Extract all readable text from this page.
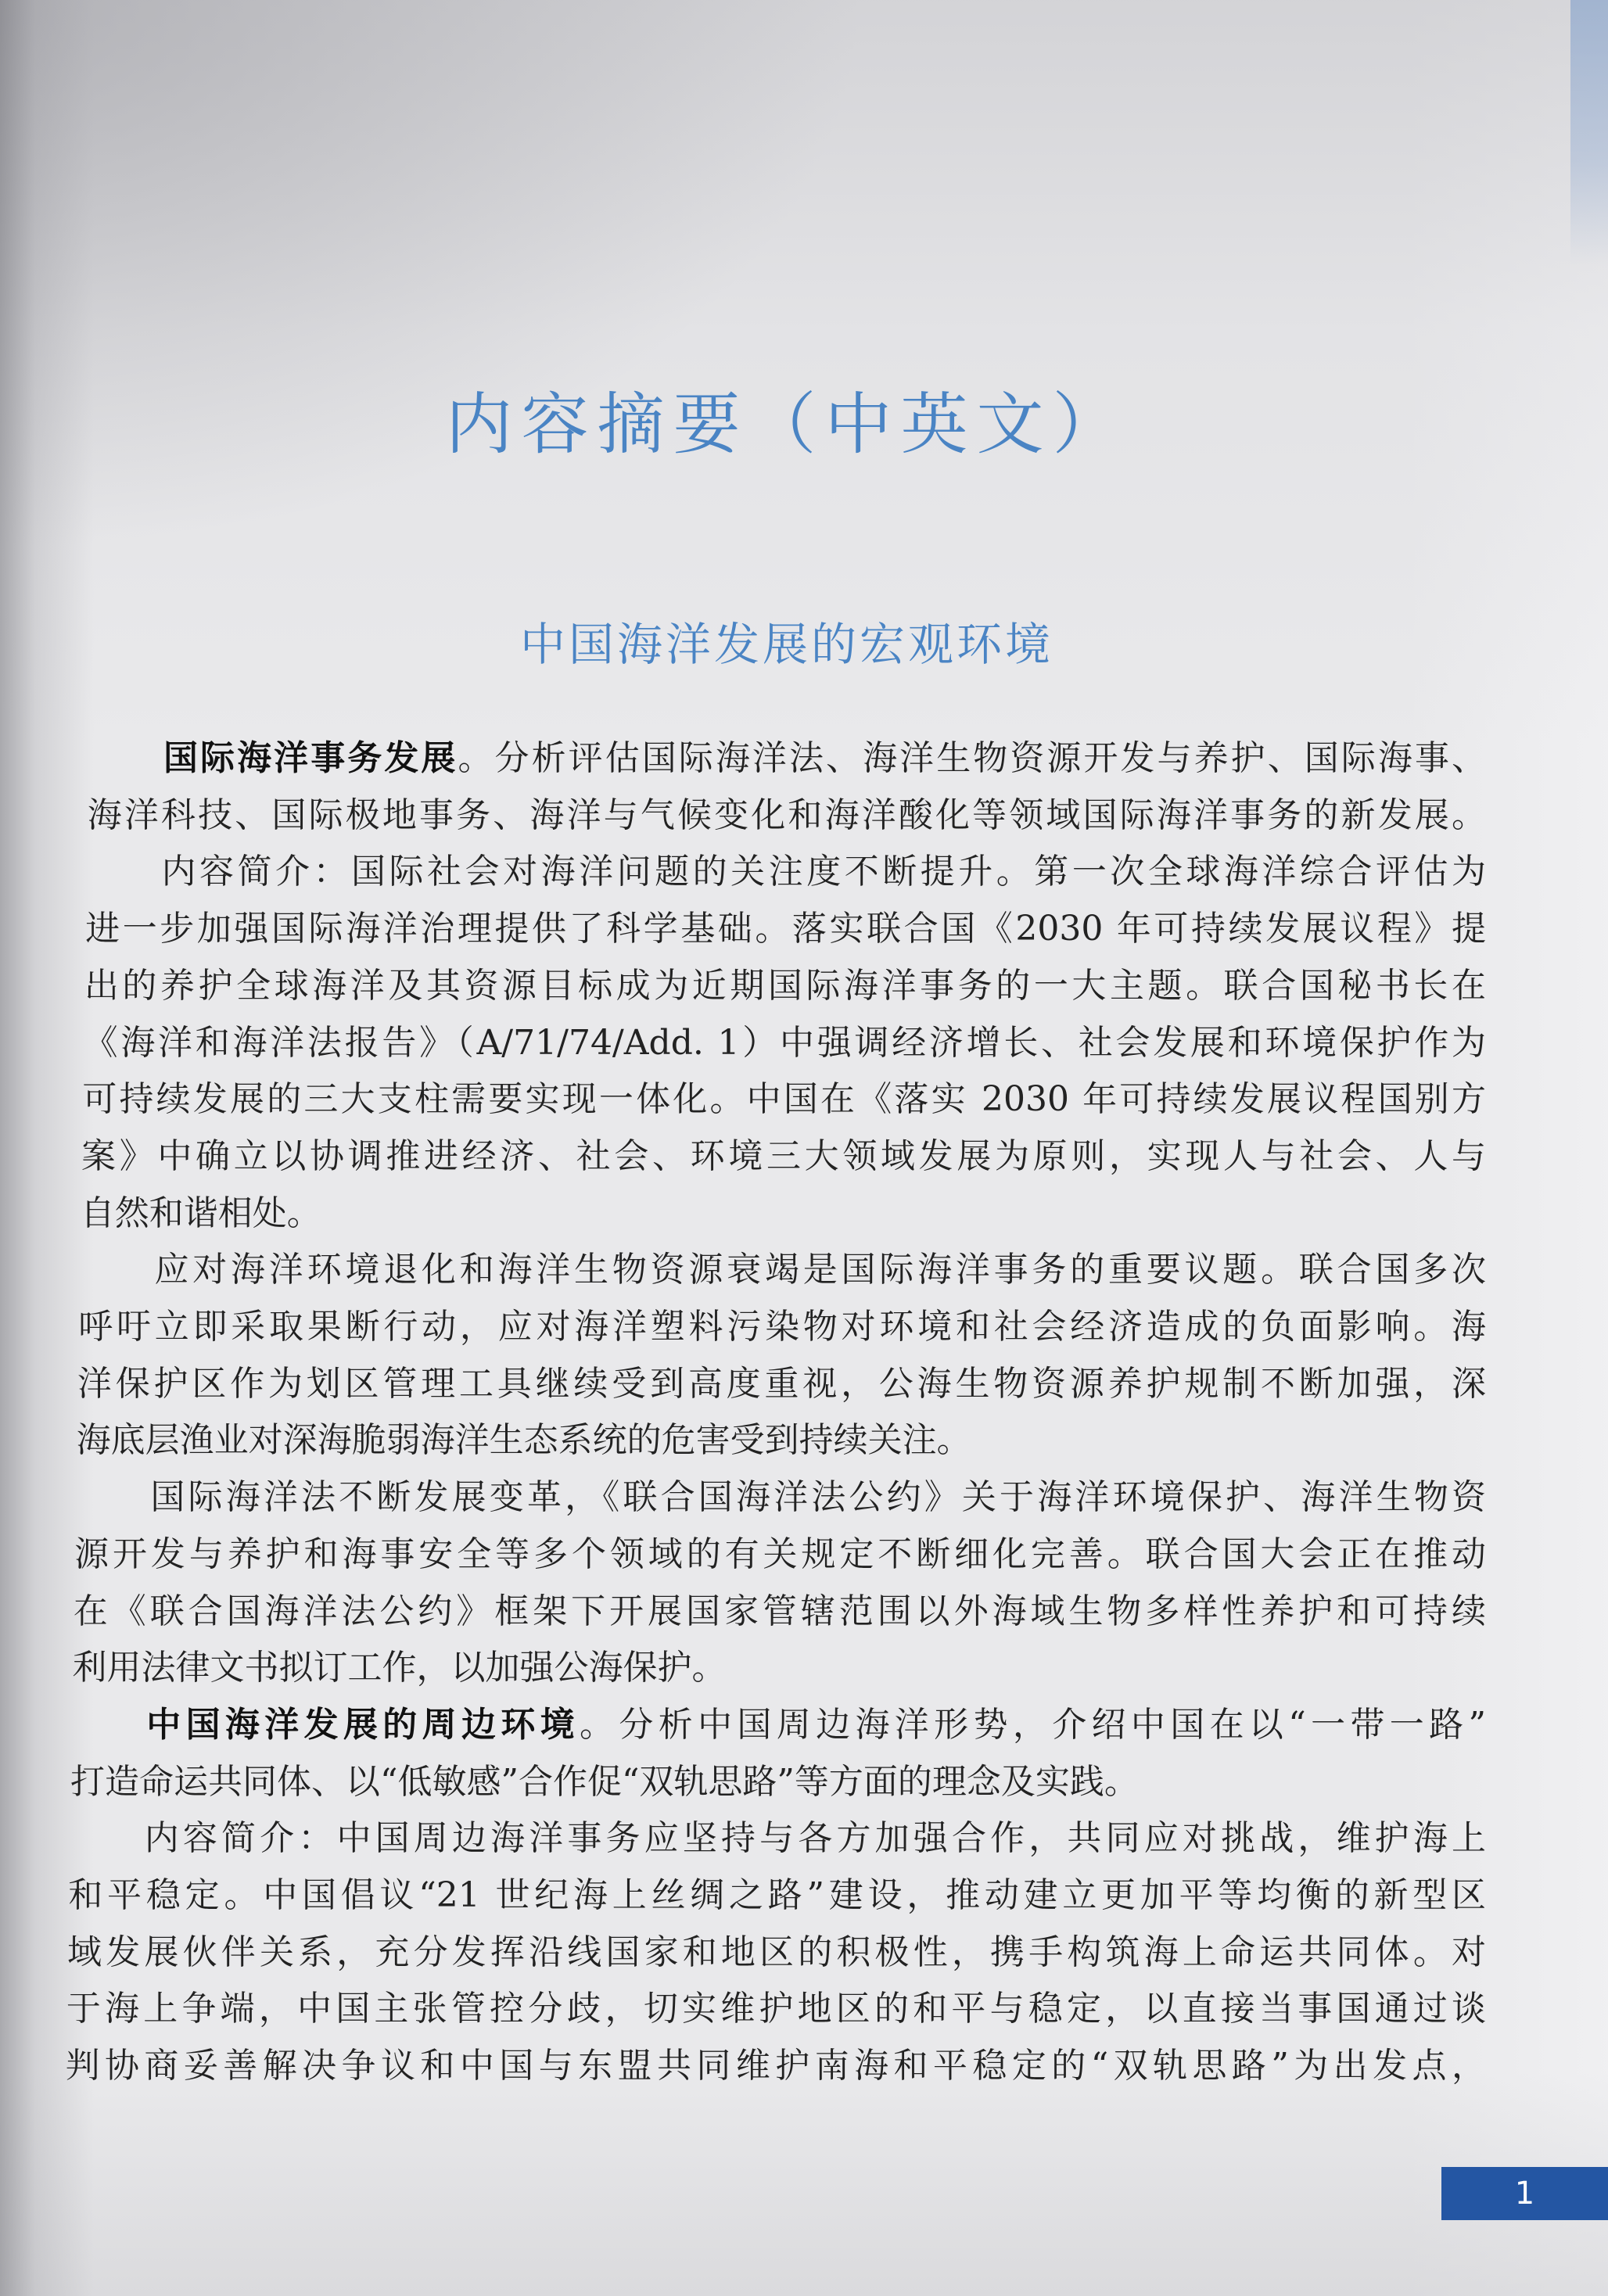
内容摘要（中英文）
中国海洋发展的宏观环境
国际海洋事务发展。分析评估国际海洋法、海洋生物资源开发与养护、国际海事、
海洋科技、国际极地事务、海洋与气候变化和海洋酸化等领域国际海洋事务的新发展。
内容简介：国际社会对海洋问题的关注度不断提升。第一次全球海洋综合评估为
进一步加强国际海洋治理提供了科学基础。落实联合国《2030 年可持续发展议程》提
出的养护全球海洋及其资源目标成为近期国际海洋事务的一大主题。联合国秘书长在
《海洋和海洋法报告》（A/71/74/Add. 1）中强调经济增长、社会发展和环境保护作为
可持续发展的三大支柱需要实现一体化。中国在《落实 2030 年可持续发展议程国别方
案》中确立以协调推进经济、社会、环境三大领域发展为原则，实现人与社会、人与
自然和谐相处。
应对海洋环境退化和海洋生物资源衰竭是国际海洋事务的重要议题。联合国多次
呼吁立即采取果断行动，应对海洋塑料污染物对环境和社会经济造成的负面影响。海
洋保护区作为划区管理工具继续受到高度重视，公海生物资源养护规制不断加强，深
海底层渔业对深海脆弱海洋生态系统的危害受到持续关注。
国际海洋法不断发展变革，《联合国海洋法公约》关于海洋环境保护、海洋生物资
源开发与养护和海事安全等多个领域的有关规定不断细化完善。联合国大会正在推动
在《联合国海洋法公约》框架下开展国家管辖范围以外海域生物多样性养护和可持续
利用法律文书拟订工作，以加强公海保护。
中国海洋发展的周边环境。分析中国周边海洋形势，介绍中国在以“一带一路”
打造命运共同体、以“低敏感”合作促“双轨思路”等方面的理念及实践。
内容简介：中国周边海洋事务应坚持与各方加强合作，共同应对挑战，维护海上
和平稳定。中国倡议“21 世纪海上丝绸之路”建设，推动建立更加平等均衡的新型区
域发展伙伴关系，充分发挥沿线国家和地区的积极性，携手构筑海上命运共同体。对
于海上争端，中国主张管控分歧，切实维护地区的和平与稳定，以直接当事国通过谈
判协商妥善解决争议和中国与东盟共同维护南海和平稳定的“双轨思路”为出发点，
1
